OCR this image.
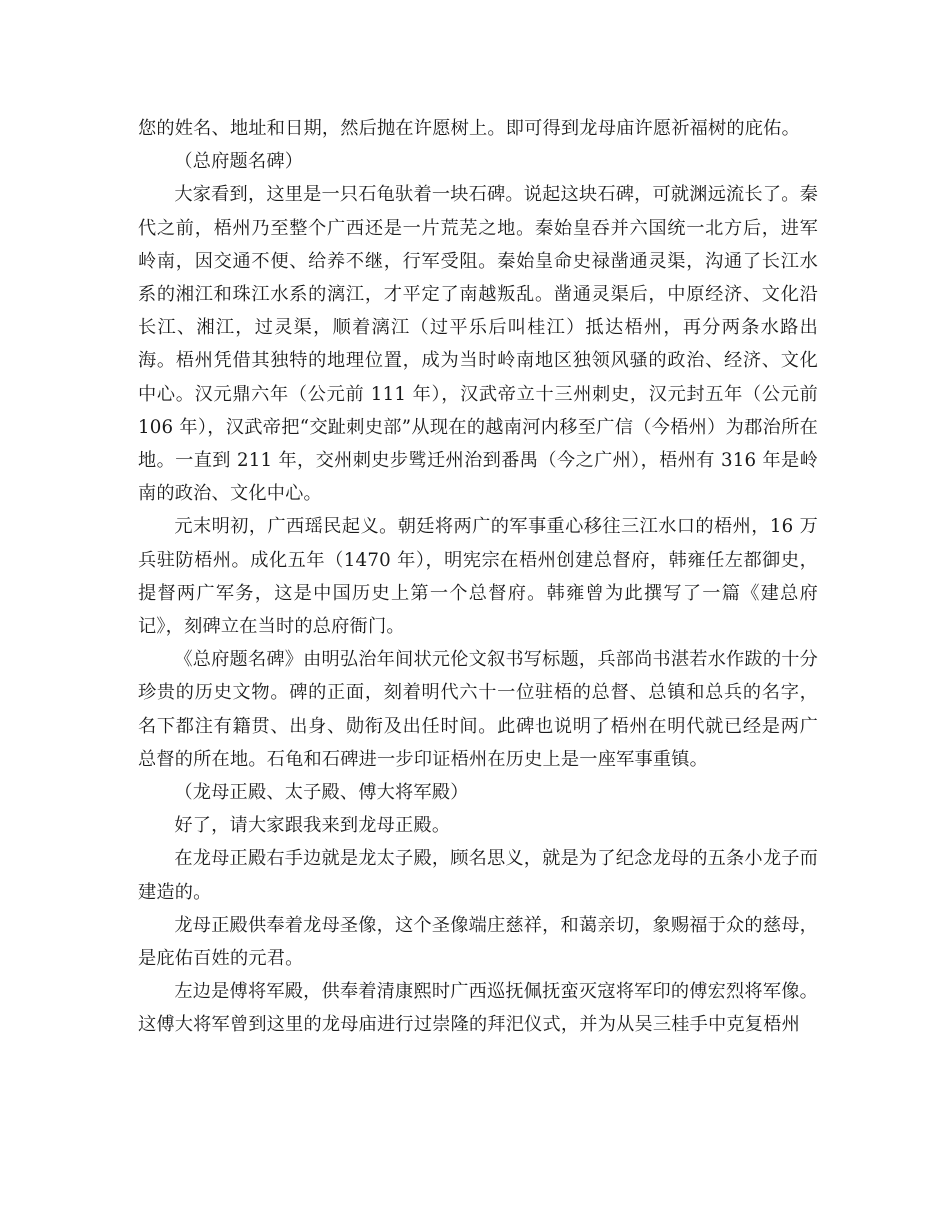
您的姓名、地址和日期，然后抛在许愿树上。即可得到龙母庙许愿祈福树的庇佑。

（总府题名碑）

大家看到，这里是一只石龟驮着一块石碑。说起这块石碑，可就渊远流长了。秦代之前，梧州乃至整个广西还是一片荒芜之地。秦始皇吞并六国统一北方后，进军岭南，因交通不便、给养不继，行军受阻。秦始皇命史禄凿通灵渠，沟通了长江水系的湘江和珠江水系的漓江，才平定了南越叛乱。凿通灵渠后，中原经济、文化沿长江、湘江，过灵渠，顺着漓江（过平乐后叫桂江）抵达梧州，再分两条水路出海。梧州凭借其独特的地理位置，成为当时岭南地区独领风骚的政治、经济、文化中心。汉元鼎六年（公元前 111 年），汉武帝立十三州刺史，汉元封五年（公元前 106 年），汉武帝把“交趾刺史部”从现在的越南河内移至广信（今梧州）为郡治所在地。一直到 211 年，交州刺史步骘迁州治到番禺（今之广州），梧州有 316 年是岭南的政治、文化中心。

元末明初，广西瑶民起义。朝廷将两广的军事重心移往三江水口的梧州，16 万兵驻防梧州。成化五年（1470 年），明宪宗在梧州创建总督府，韩雍任左都御史，提督两广军务，这是中国历史上第一个总督府。韩雍曾为此撰写了一篇《建总府记》，刻碑立在当时的总府衙门。

《总府题名碑》由明弘治年间状元伦文叙书写标题，兵部尚书湛若水作跋的十分珍贵的历史文物。碑的正面，刻着明代六十一位驻梧的总督、总镇和总兵的名字，名下都注有籍贯、出身、勋衔及出任时间。此碑也说明了梧州在明代就已经是两广总督的所在地。石龟和石碑进一步印证梧州在历史上是一座军事重镇。

（龙母正殿、太子殿、傅大将军殿）

好了，请大家跟我来到龙母正殿。

在龙母正殿右手边就是龙太子殿，顾名思义，就是为了纪念龙母的五条小龙子而建造的。

龙母正殿供奉着龙母圣像，这个圣像端庄慈祥，和蔼亲切，象赐福于众的慈母，是庇佑百姓的元君。

左边是傅将军殿，供奉着清康熙时广西巡抚佩抚蛮灭寇将军印的傅宏烈将军像。这傅大将军曾到这里的龙母庙进行过崇隆的拜汜仪式，并为从吴三桂手中克复梧州
